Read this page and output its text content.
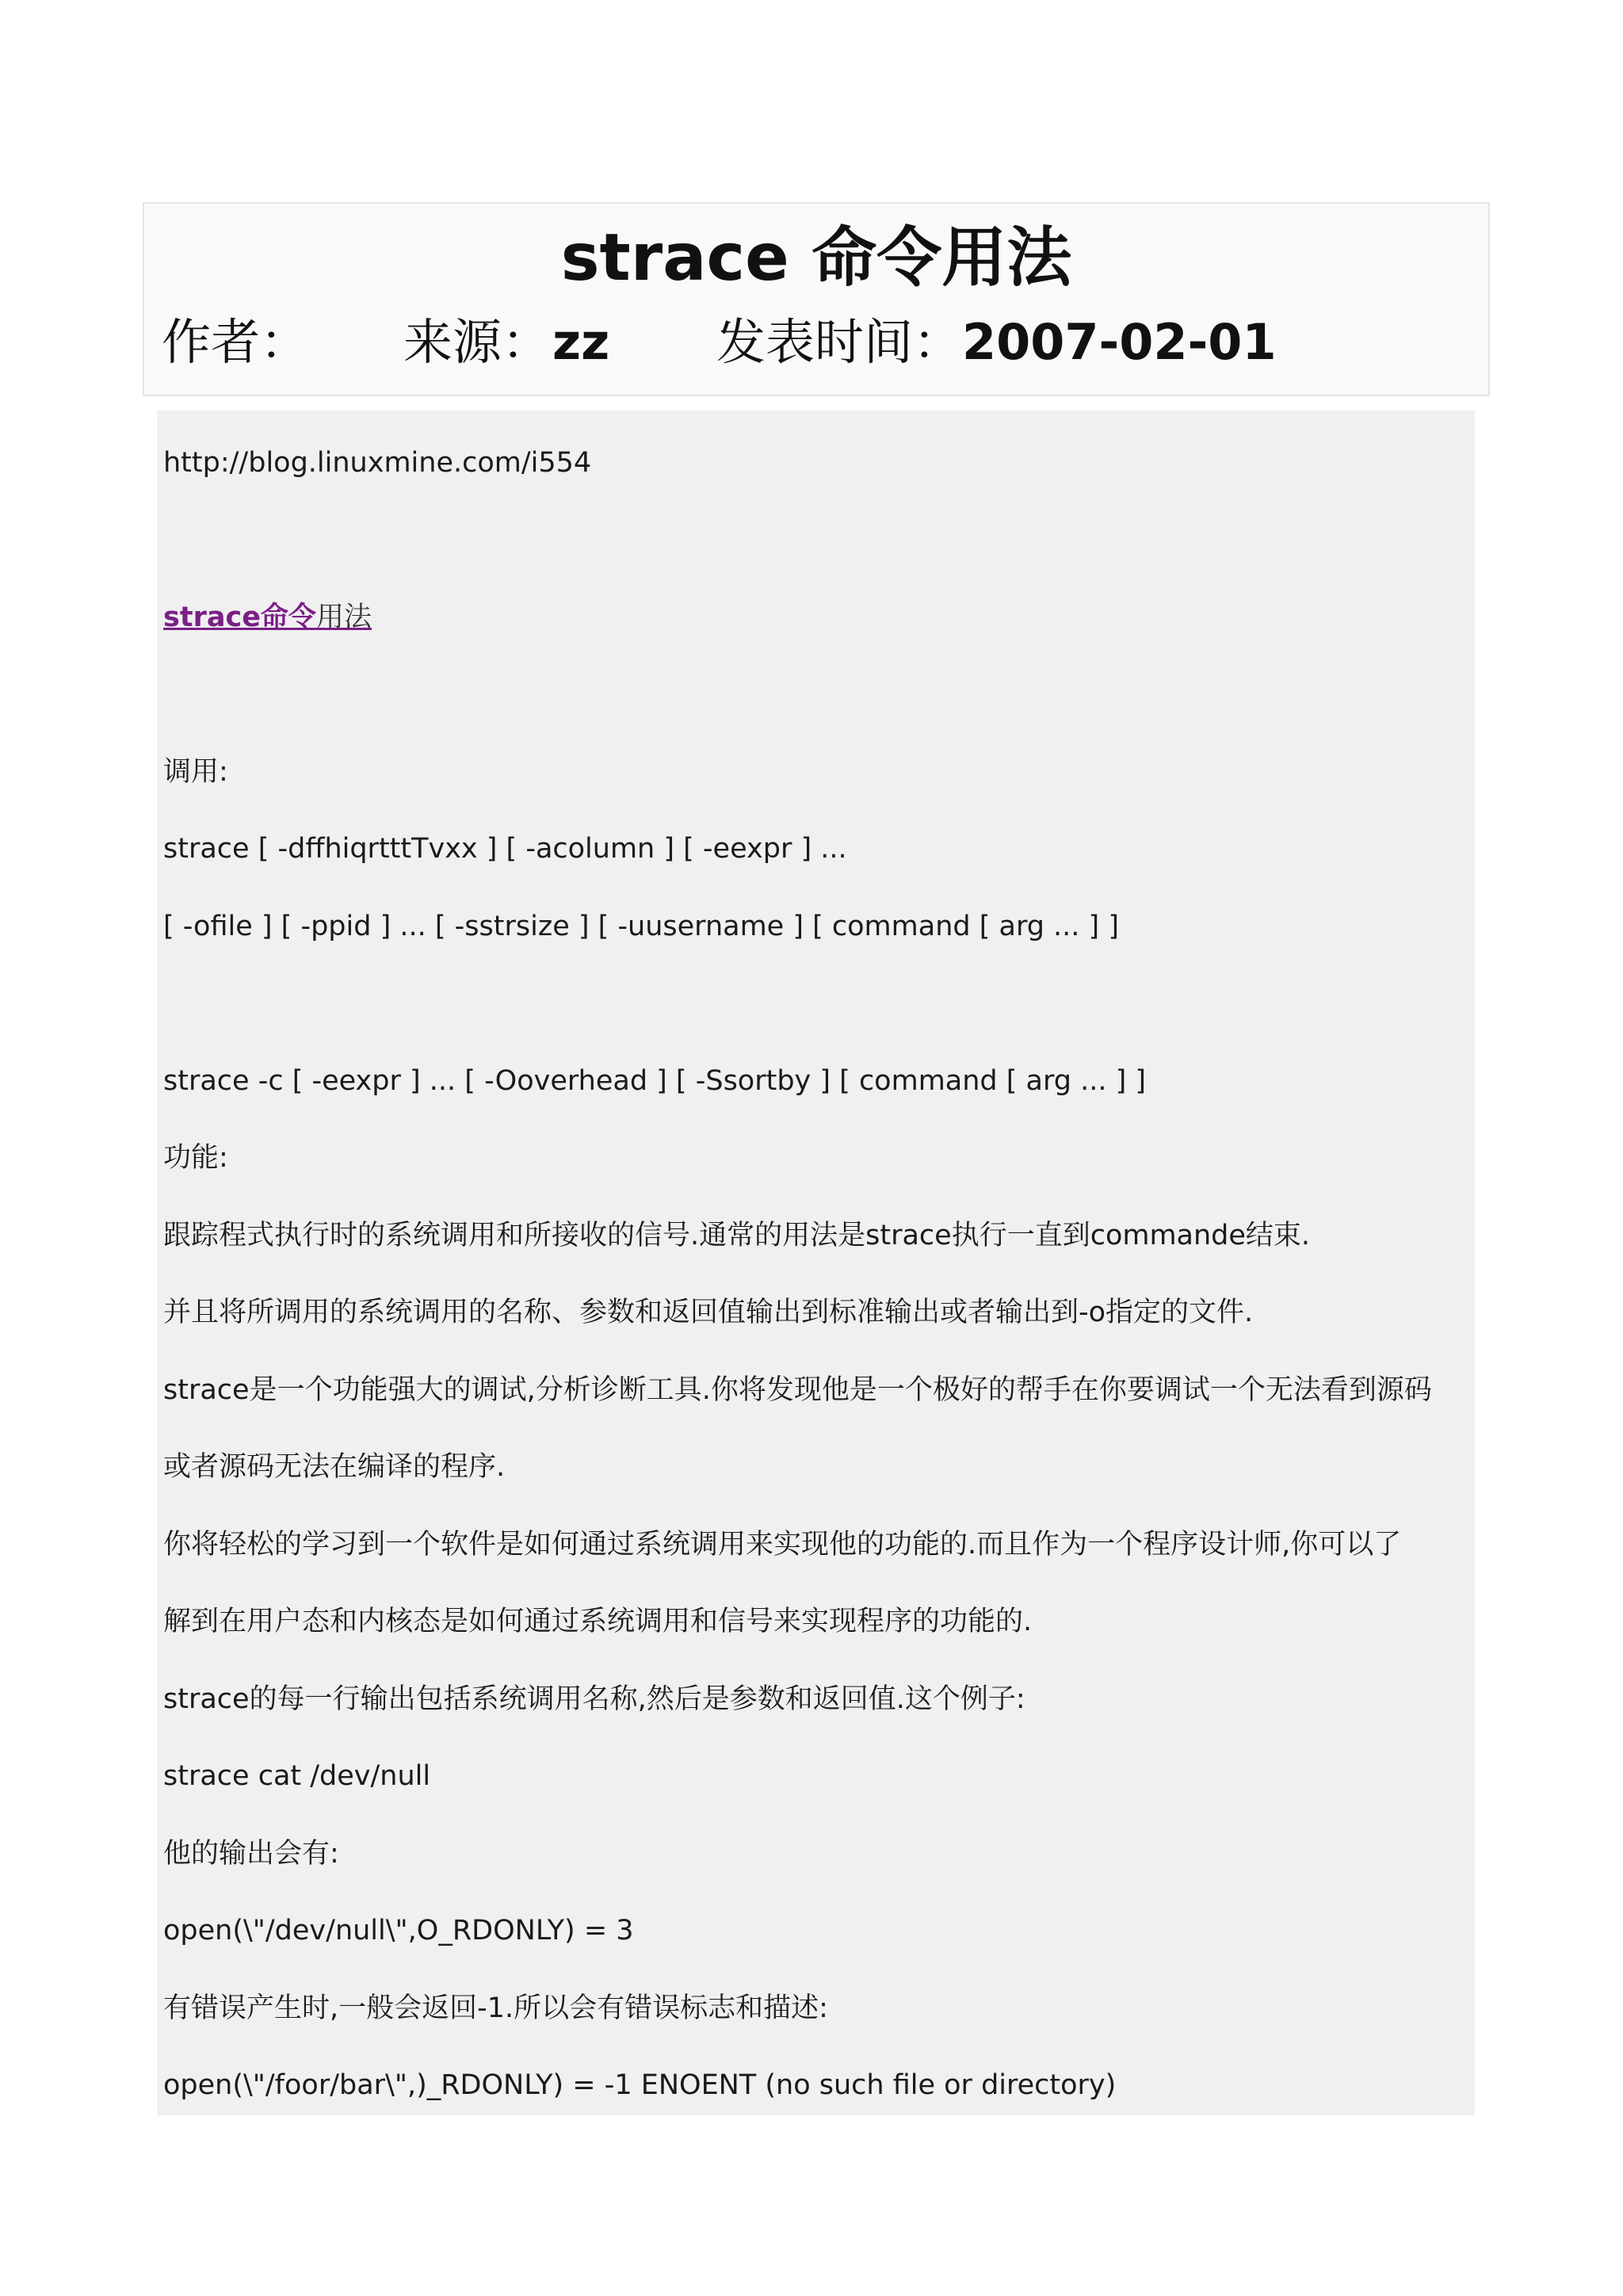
strace 命令用法
作者： 来源： zz 发表时间： 2007-02-01
http://blog.linuxmine.com/i554
strace命令用法
调用:
strace [ -dffhiqrtttTvxx ] [ -acolumn ] [ -eexpr ] ...
[ -ofile ] [ -ppid ] ... [ -sstrsize ] [ -uusername ] [ command [ arg ... ] ]
strace -c [ -eexpr ] ... [ -Ooverhead ] [ -Ssortby ] [ command [ arg ... ] ]
功能:
跟踪程式执行时的系统调用和所接收的信号.通常的用法是strace执行一直到commande结束.
并且将所调用的系统调用的名称、参数和返回值输出到标准输出或者输出到-o指定的文件.
strace是一个功能强大的调试,分析诊断工具.你将发现他是一个极好的帮手在你要调试一个无法看到源码
或者源码无法在编译的程序.
你将轻松的学习到一个软件是如何通过系统调用来实现他的功能的.而且作为一个程序设计师,你可以了
解到在用户态和内核态是如何通过系统调用和信号来实现程序的功能的.
strace的每一行输出包括系统调用名称,然后是参数和返回值.这个例子:
strace cat /dev/null
他的输出会有:
open(\"/dev/null\",O_RDONLY) = 3
有错误产生时,一般会返回-1.所以会有错误标志和描述:
open(\"/foor/bar\",)_RDONLY) = -1 ENOENT (no such file or directory)
